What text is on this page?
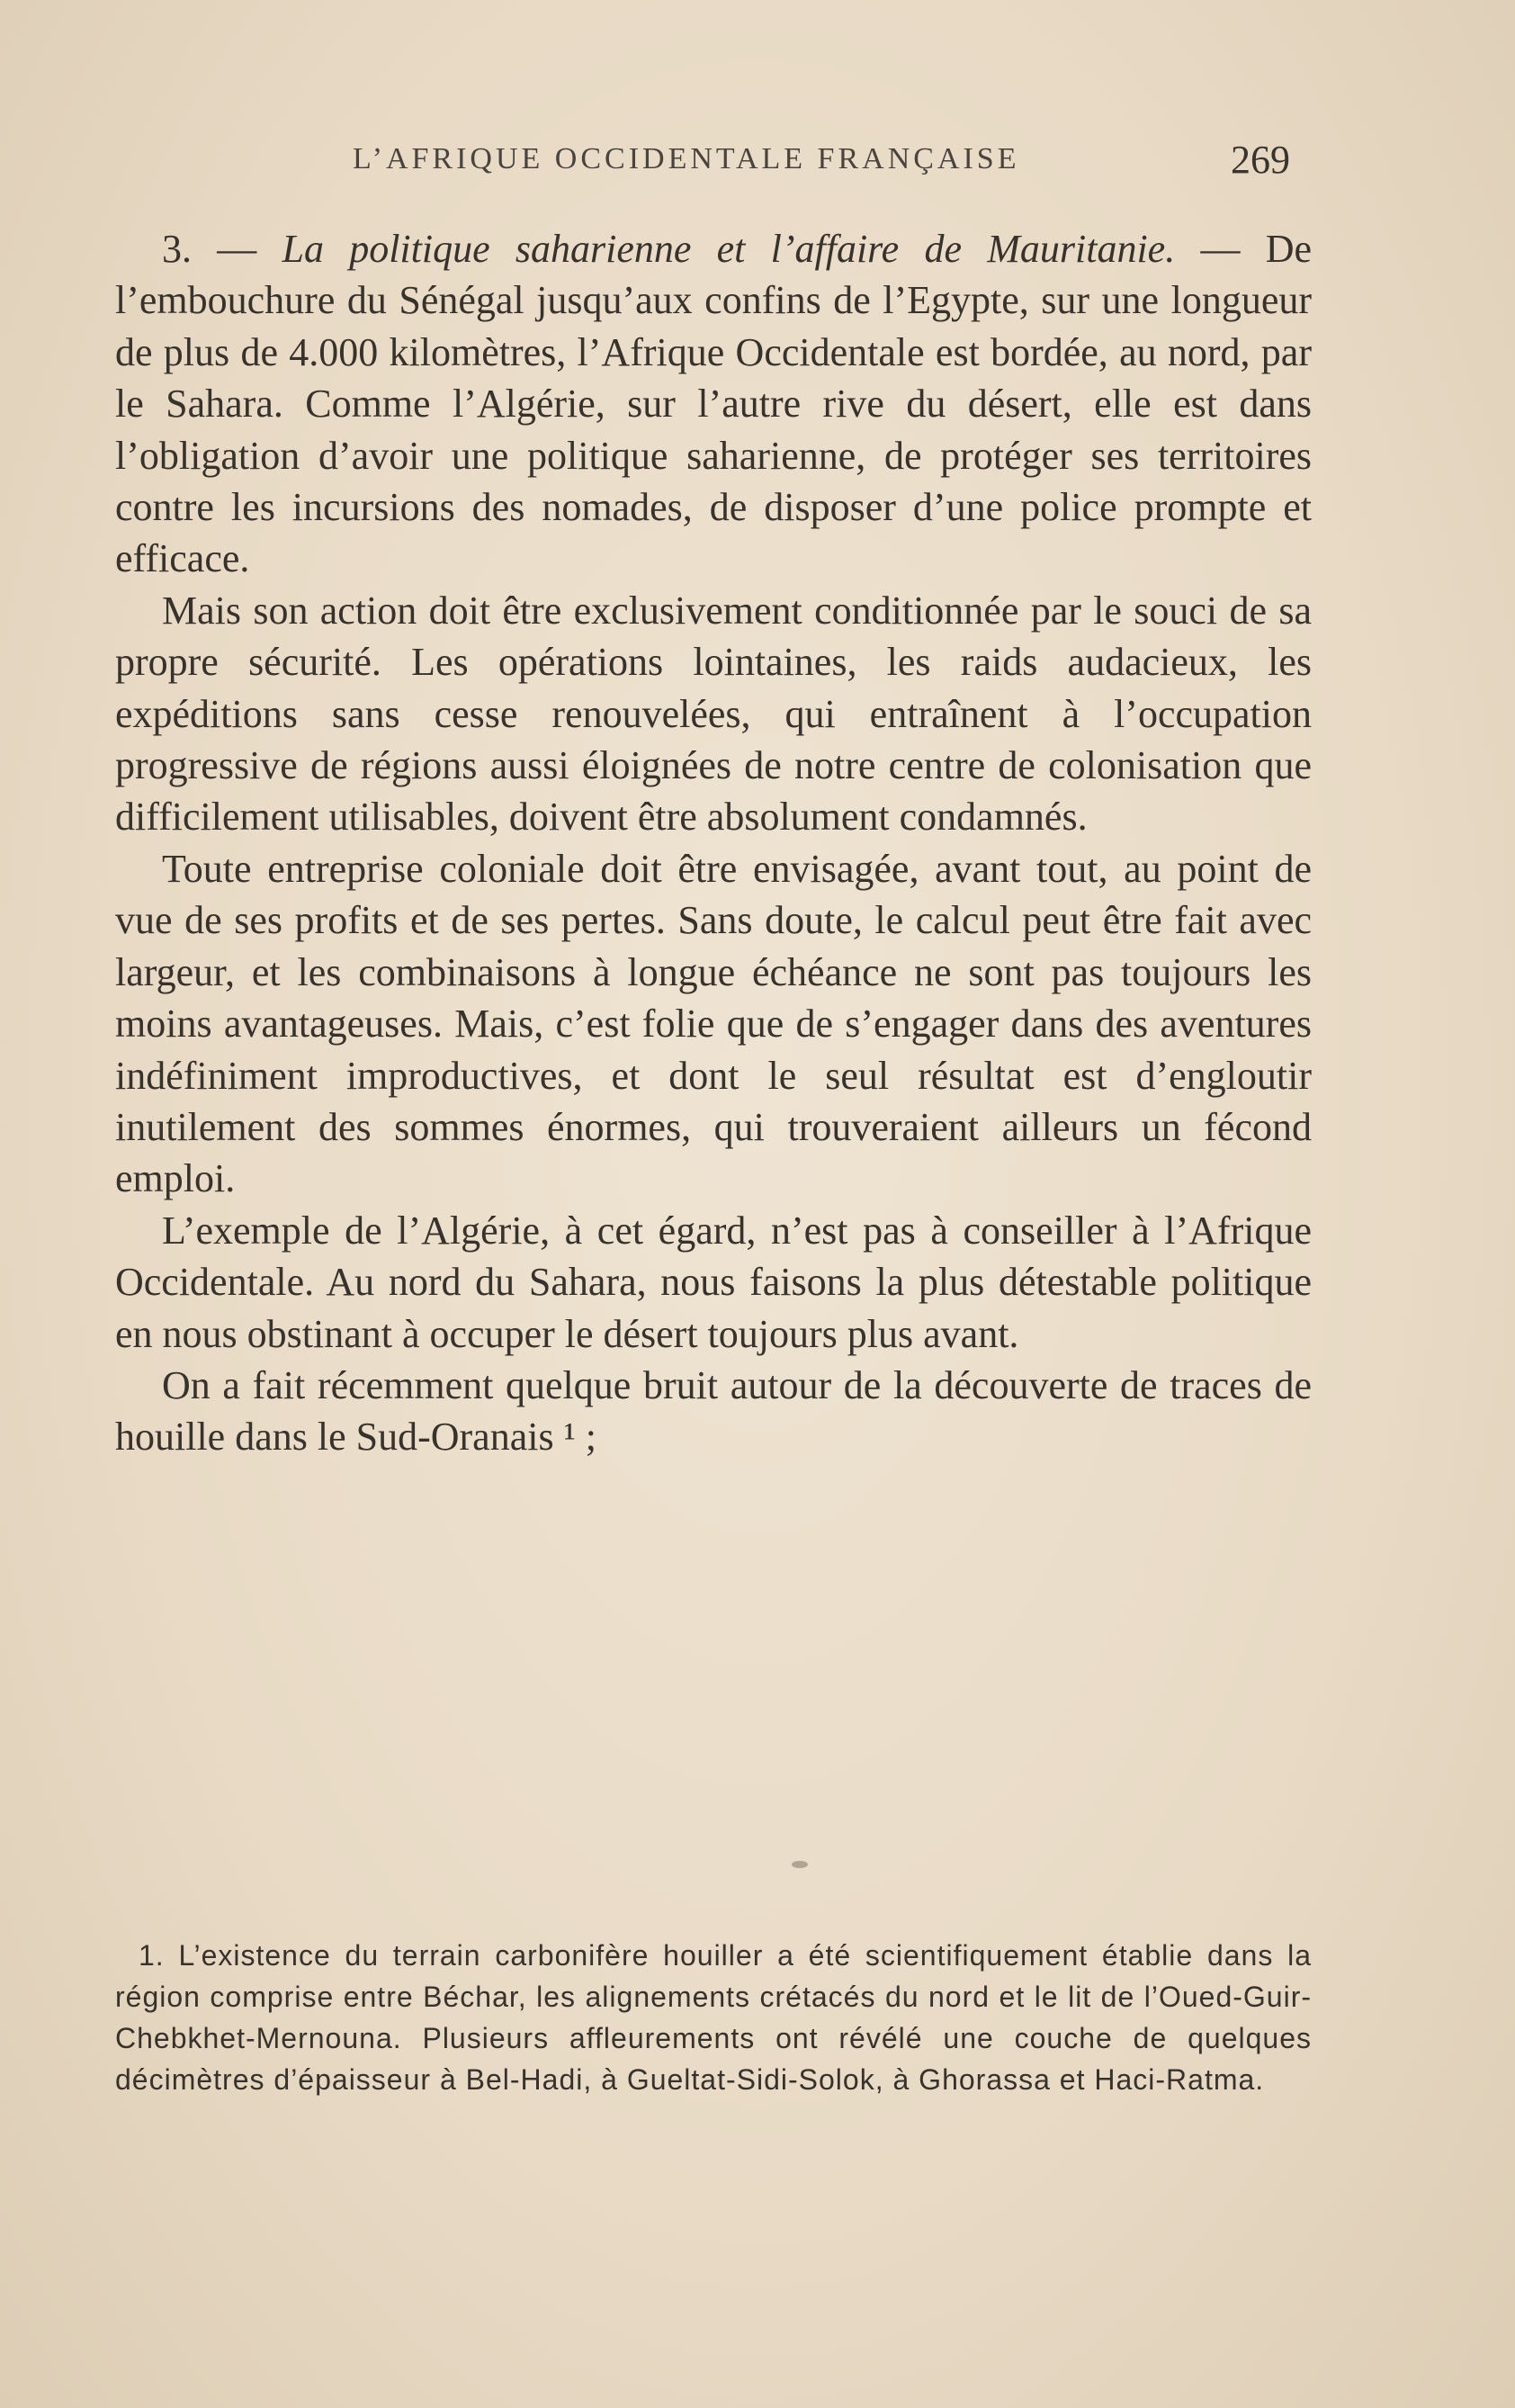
L’AFRIQUE OCCIDENTALE FRANÇAISE	269

3. — La politique saharienne et l’affaire de Mauritanie. — De l’embouchure du Sénégal jusqu’aux confins de l’Egypte, sur une longueur de plus de 4.000 kilomètres, l’Afrique Occidentale est bordée, au nord, par le Sahara. Comme l’Algérie, sur l’autre rive du désert, elle est dans l’obligation d’avoir une politique saharienne, de protéger ses territoires contre les incursions des nomades, de disposer d’une police prompte et efficace.

Mais son action doit être exclusivement conditionnée par le souci de sa propre sécurité. Les opérations lointaines, les raids audacieux, les expéditions sans cesse renouvelées, qui entraînent à l’occupation progressive de régions aussi éloignées de notre centre de colonisation que difficilement utilisables, doivent être absolument condamnés.

Toute entreprise coloniale doit être envisagée, avant tout, au point de vue de ses profits et de ses pertes. Sans doute, le calcul peut être fait avec largeur, et les combinaisons à longue échéance ne sont pas toujours les moins avantageuses. Mais, c’est folie que de s’engager dans des aventures indéfiniment improductives, et dont le seul résultat est d’engloutir inutilement des sommes énormes, qui trouveraient ailleurs un fécond emploi.

L’exemple de l’Algérie, à cet égard, n’est pas à conseiller à l’Afrique Occidentale. Au nord du Sahara, nous faisons la plus détestable politique en nous obstinant à occuper le désert toujours plus avant.

On a fait récemment quelque bruit autour de la découverte de traces de houille dans le Sud-Oranais ¹ ;

1. L’existence du terrain carbonifère houiller a été scientifiquement établie dans la région comprise entre Béchar, les alignements crétacés du nord et le lit de l’Oued-Guir-Chebkhet-Mernouna. Plusieurs affleurements ont révélé une couche de quelques décimètres d’épaisseur à Bel-Hadi, à Gueltat-Sidi-Solok, à Ghorassa et Haci-Ratma.
